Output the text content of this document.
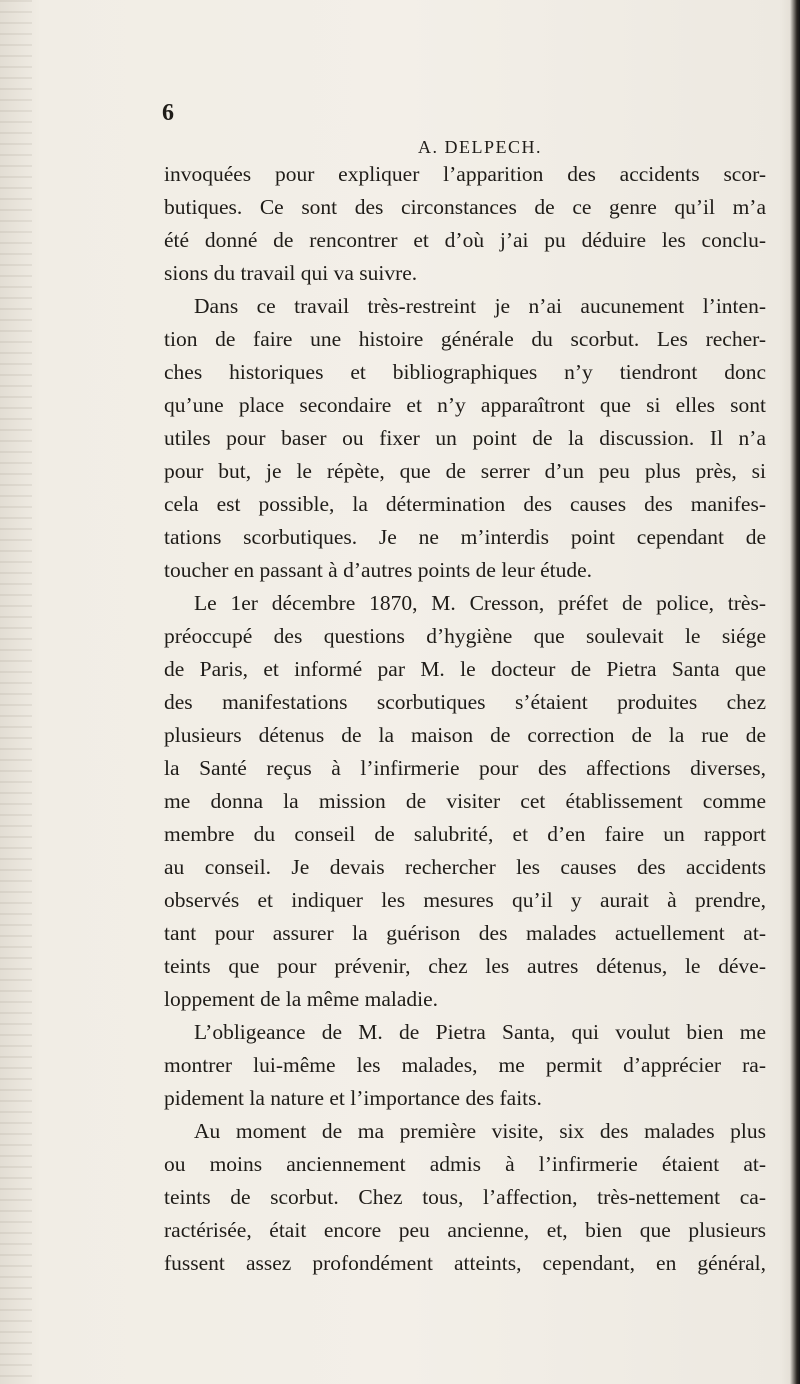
6
A. DELPECH.
invoquées pour expliquer l’apparition des accidents scor-
butiques. Ce sont des circonstances de ce genre qu’il m’a
été donné de rencontrer et d’où j’ai pu déduire les conclu-
sions du travail qui va suivre.
Dans ce travail très-restreint je n’ai aucunement l’inten-
tion de faire une histoire générale du scorbut. Les recher-
ches historiques et bibliographiques n’y tiendront donc
qu’une place secondaire et n’y apparaîtront que si elles sont
utiles pour baser ou fixer un point de la discussion. Il n’a
pour but, je le répète, que de serrer d’un peu plus près, si
cela est possible, la détermination des causes des manifes-
tations scorbutiques. Je ne m’interdis point cependant de
toucher en passant à d’autres points de leur étude.
Le 1er décembre 1870, M. Cresson, préfet de police, très-
préoccupé des questions d’hygiène que soulevait le siége
de Paris, et informé par M. le docteur de Pietra Santa que
des manifestations scorbutiques s’étaient produites chez
plusieurs détenus de la maison de correction de la rue de
la Santé reçus à l’infirmerie pour des affections diverses,
me donna la mission de visiter cet établissement comme
membre du conseil de salubrité, et d’en faire un rapport
au conseil. Je devais rechercher les causes des accidents
observés et indiquer les mesures qu’il y aurait à prendre,
tant pour assurer la guérison des malades actuellement at-
teints que pour prévenir, chez les autres détenus, le déve-
loppement de la même maladie.
L’obligeance de M. de Pietra Santa, qui voulut bien me
montrer lui-même les malades, me permit d’apprécier ra-
pidement la nature et l’importance des faits.
Au moment de ma première visite, six des malades plus
ou moins anciennement admis à l’infirmerie étaient at-
teints de scorbut. Chez tous, l’affection, très-nettement ca-
ractérisée, était encore peu ancienne, et, bien que plusieurs
fussent assez profondément atteints, cependant, en général,
